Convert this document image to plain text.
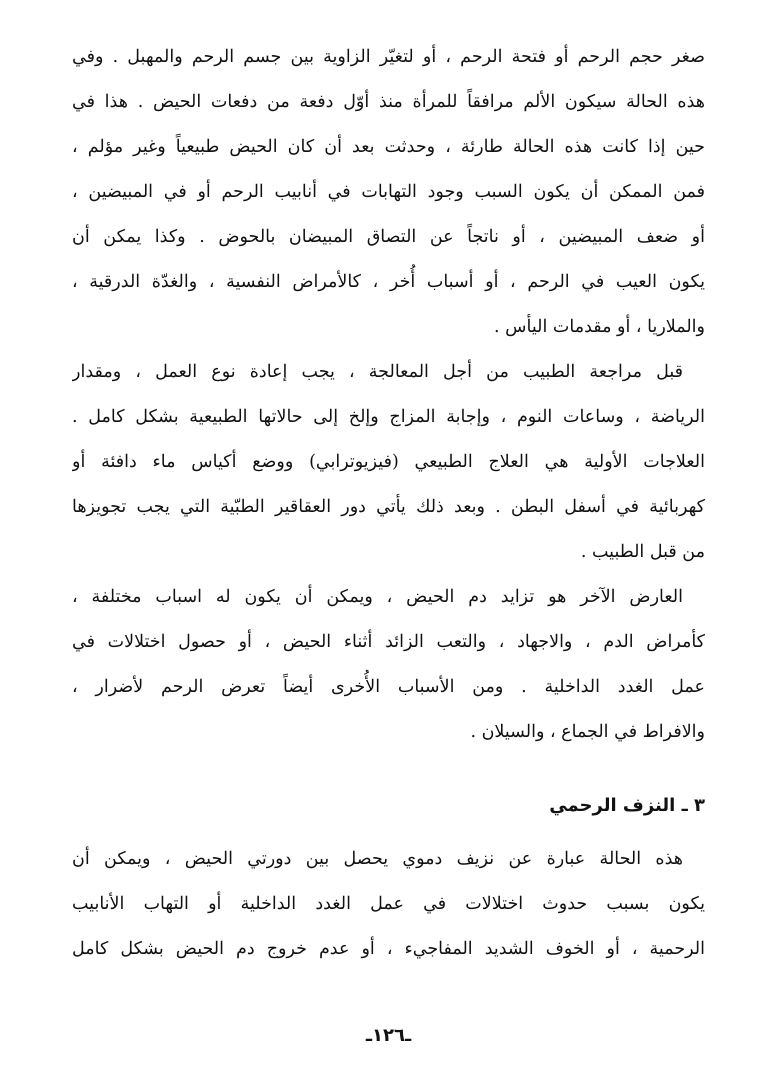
صغر حجم الرحم أو فتحة الرحم ، أو لتغيّر الزاوية بين جسم الرحم والمهبل . وفي
هذه الحالة سيكون الألم مرافقاً للمرأة منذ أوّل دفعة من دفعات الحيض . هذا في
حين إذا كانت هذه الحالة طارئة ، وحدثت بعد أن كان الحيض طبيعياً وغير مؤلم ،
فمن الممكن أن يكون السبب وجود التهابات في أنابيب الرحم أو في المبيضين ،
أو ضعف المبيضين ، أو ناتجاً عن التصاق المبيضان بالحوض . وكذا يمكن أن
يكون العيب في الرحم ، أو أسباب أُخر ، كالأمراض النفسية ، والغدّة الدرقية ،
والملاريا ، أو مقدمات اليأس .
قبل مراجعة الطبيب من أجل المعالجة ، يجب إعادة نوع العمل ، ومقدار
الرياضة ، وساعات النوم ، وإجابة المزاج وإلخ إلى حالاتها الطبيعية بشكل كامل .
العلاجات الأولية هي العلاج الطبيعي (فيزيوترابي) ووضع أكياس ماء دافئة أو
كهربائية في أسفل البطن . وبعد ذلك يأتي دور العقاقير الطبّية التي يجب تجويزها
من قبل الطبيب .
العارض الآخر هو تزايد دم الحيض ، ويمكن أن يكون له اسباب مختلفة ،
كأمراض الدم ، والاجهاد ، والتعب الزائد أثناء الحيض ، أو حصول اختلالات في
عمل الغدد الداخلية . ومن الأسباب الأُخرى أيضاً تعرض الرحم لأضرار ،
والافراط في الجماع ، والسيلان .
٣ ـ النزف الرحمي
هذه الحالة عبارة عن نزيف دموي يحصل بين دورتي الحيض ، ويمكن أن
يكون بسبب حدوث اختلالات في عمل الغدد الداخلية أو التهاب الأنابيب
الرحمية ، أو الخوف الشديد المفاجيء ، أو عدم خروج دم الحيض بشكل كامل
ـ١٢٦ـ
